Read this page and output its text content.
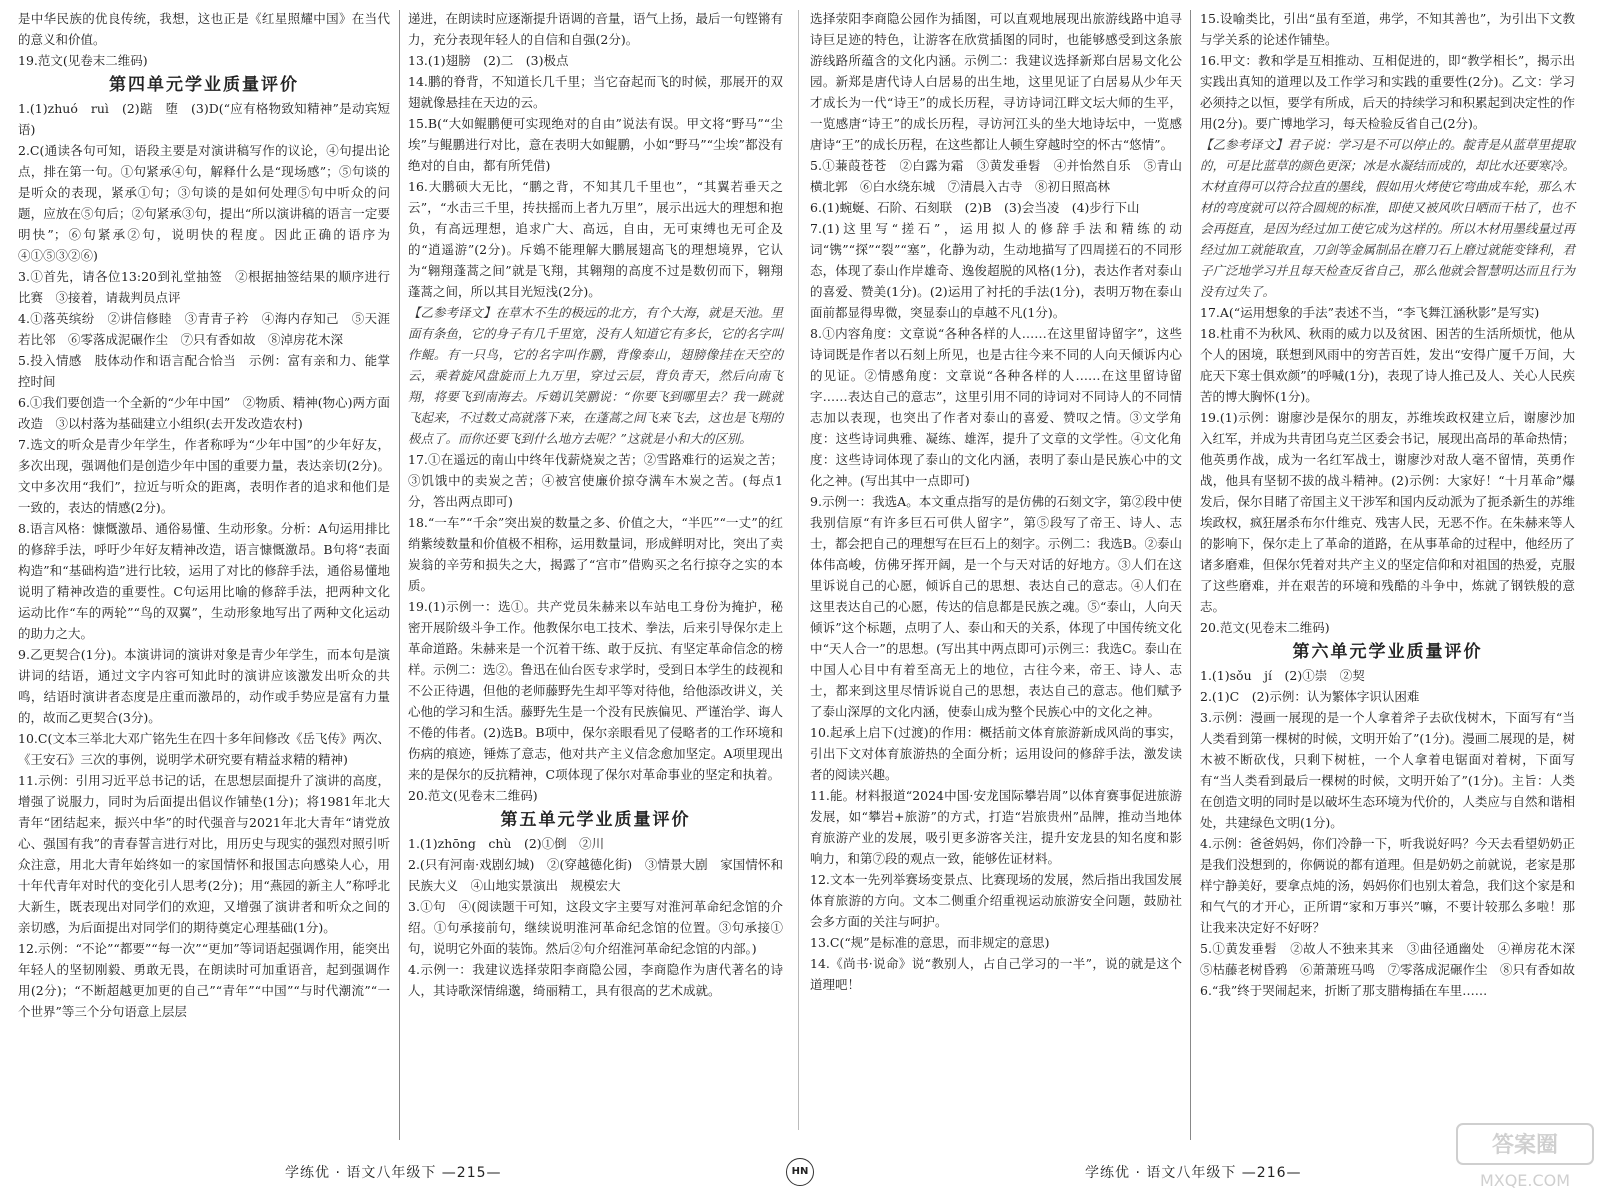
是中华民族的优良传统，我想，这也正是《红星照耀中国》在当代的意义和价值。

19.范文(见卷末二维码)

第四单元学业质量评价

1.(1)zhuó　ruì　(2)踮　堕　(3)D(“应有格物致知精神”是动宾短语)

2.C(通读各句可知，语段主要是对演讲稿写作的议论，④句提出论点，排在第一句。①句紧承④句，解释什么是“现场感”；⑤句谈的是听众的表现，紧承①句；③句谈的是如何处理⑤句中听众的问题，应放在⑤句后；②句紧承③句，提出“所以演讲稿的语言一定要明快”；⑥句紧承②句，说明快的程度。因此正确的语序为④①⑤③②⑥)

3.①首先，请各位13:20到礼堂抽签　②根据抽签结果的顺序进行比赛　③接着，请裁判员点评

4.①落英缤纷　②讲信修睦　③青青子衿　④海内存知己　⑤天涯若比邻　⑥零落成泥碾作尘　⑦只有香如故　⑧淖房花木深

5.投入情感　肢体动作和语言配合恰当　示例：富有亲和力、能掌控时间

6.①我们要创造一个全新的“少年中国”　②物质、精神(物心)两方面改造　③以村落为基础建立小组织(去开发改造农村)

7.选文的听众是青少年学生，作者称呼为“少年中国”的少年好友，多次出现，强调他们是创造少年中国的重要力量，表达亲切(2分)。文中多次用“我们”，拉近与听众的距离，表明作者的追求和他们是一致的，表达的情感(2分)。

8.语言风格：慷慨激昂、通俗易懂、生动形象。分析：A句运用排比的修辞手法，呼吁少年好友精神改造，语言慷慨激昂。B句将“表面构造”和“基础构造”进行比较，运用了对比的修辞手法，通俗易懂地说明了精神改造的重要性。C句运用比喻的修辞手法，把两种文化运动比作“车的两轮”“鸟的双翼”，生动形象地写出了两种文化运动的助力之大。

9.乙更契合(1分)。本演讲词的演讲对象是青少年学生，而本句是演讲词的结语，通过文字内容可知此时的演讲应该激发出听众的共鸣，结语时演讲者态度是庄重而激昂的，动作或手势应是富有力量的，故而乙更契合(3分)。

10.C(文本三举北大邓广铭先生在四十多年间修改《岳飞传》两次、《王安石》三次的事例，说明学术研究要有精益求精的精神)

11.示例：引用习近平总书记的话，在思想层面提升了演讲的高度，增强了说服力，同时为后面提出倡议作铺垫(1分)；将1981年北大青年“团结起来，振兴中华”的时代强音与2021年北大青年“请党放心、强国有我”的青春誓言进行对比，用历史与现实的强烈对照引听众注意，用北大青年始终如一的家国情怀和报国志向感染人心，用十年代青年对时代的变化引人思考(2分)；用“燕园的新主人”称呼北大新生，既表现出对同学们的欢迎，又增强了演讲者和听众之间的亲切感，为后面提出对同学们的期待奠定心理基础(1分)。

12.示例：“不论”“都要”“每一次”“更加”等词语起强调作用，能突出年轻人的坚韧刚毅、勇敢无畏，在朗读时可加重语音，起到强调作用(2分)；“不断超越更加更的自己”“青年”“中国”“与时代潮流”“一个世界”等三个分句语意上层层

递进，在朗读时应逐渐提升语调的音量，语气上扬，最后一句铿锵有力，充分表现年轻人的自信和自强(2分)。

13.(1)翅膀　(2)二　(3)极点

14.鹏的脊背，不知道长几千里；当它奋起而飞的时候，那展开的双翅就像悬挂在天边的云。

15.B(“大如鲲鹏便可实现绝对的自由”说法有误。甲文将“野马”“尘埃”与鲲鹏进行对比，意在表明大如鲲鹏，小如“野马”“尘埃”都没有绝对的自由，都有所凭借)

16.大鹏硕大无比，“鹏之背，不知其几千里也”，“其翼若垂天之云”，“水击三千里，抟扶摇而上者九万里”，展示出远大的理想和抱负，有高远理想，追求广大、高远，自由，无可束缚也无可企及的“逍遥游”(2分)。斥鴳不能理解大鹏展翅高飞的理想境界，它认为“翱翔蓬蒿之间”就是飞翔，其翱翔的高度不过是数仞而下，翱翔蓬蒿之间，所以其目光短浅(2分)。

【乙参考译文】在草木不生的极远的北方，有个大海，就是天池。里面有条鱼，它的身子有几千里宽，没有人知道它有多长，它的名字叫作鲲。有一只鸟，它的名字叫作鹏，背像泰山，翅膀像挂在天空的云，乘着旋风盘旋而上九万里，穿过云层，背负青天，然后向南飞翔，将要飞到南海去。斥鴳讥笑鹏说：“你要飞到哪里去？我一跳就飞起来，不过数丈高就落下来，在蓬蒿之间飞来飞去，这也是飞翔的极点了。而你还要飞到什么地方去呢？”这就是小和大的区别。

17.①在遥远的南山中终年伐薪烧炭之苦；②雪路难行的运炭之苦；③饥饿中的卖炭之苦；④被宫使廉价掠夺满车木炭之苦。(每点1分，答出两点即可)

18.“一车”“千余”突出炭的数量之多、价值之大，“半匹”“一丈”的红绡紫绫数量和价值极不相称，运用数量词，形成鲜明对比，突出了卖炭翁的辛劳和损失之大，揭露了“宫市”借购买之名行掠夺之实的本质。

19.(1)示例一：选①。共产党员朱赫来以车站电工身份为掩护，秘密开展阶级斗争工作。他教保尔电工技术、拳法，后来引导保尔走上革命道路。朱赫来是一个沉着干练、敢于反抗、有坚定革命信念的榜样。示例二：选②。鲁迅在仙台医专求学时，受到日本学生的歧视和不公正待遇，但他的老师藤野先生却平等对待他，给他添改讲义，关心他的学习和生活。藤野先生是一个没有民族偏见、严谨治学、诲人不倦的伟者。(2)选B。B项中，保尔亲眼看见了侵略者的工作环境和伤病的痕迹，锤炼了意志，他对共产主义信念愈加坚定。A项里现出来的是保尔的反抗精神，C项体现了保尔对革命事业的坚定和执着。

20.范文(见卷末二维码)

第五单元学业质量评价

1.(1)zhōng　chù　(2)①倒　②川

2.(只有河南·戏剧幻城)　②(穿越德化街)　③情景大剧　家国情怀和民族大义　④山地实景演出　规模宏大

3.①句　④(阅读题干可知，这段文字主要写对淮河革命纪念馆的介绍。①句承接前句，继续说明淮河革命纪念馆的位置。③句承接①句，说明它外面的装饰。然后②句介绍淮河革命纪念馆的内部。)

4.示例一：我建议选择荥阳李商隐公园，李商隐作为唐代著名的诗人，其诗歌深情绵邈，绮丽精工，具有很高的艺术成就。

选择荥阳李商隐公园作为插图，可以直观地展现出旅游线路中追寻诗巨足迹的特色，让游客在欣赏插图的同时，也能够感受到这条旅游线路所蕴含的文化内涵。示例二：我建议选择新郑白居易文化公园。新郑是唐代诗人白居易的出生地，这里见证了白居易从少年天才成长为一代“诗王”的成长历程，寻访诗词江畔文坛大师的生平，一览感唐“诗王”的成长历程，寻访河江头的坐大地诗坛中，一览感唐诗“王”的成长历程，在这些都让人顿生穿越时空的怀古“悠情”。

5.①蒹葭苍苍　②白露为霜　③黄发垂髫　④并怡然自乐　⑤青山横北郭　⑥白水绕东城　⑦清晨入古寺　⑧初日照高林

6.(1)蜿蜒、石阶、石刻联　(2)B　(3)会当凌　(4)步行下山

7.(1)这里写“搓石”，运用拟人的修辞手法和精练的动词“镌”“探”“裂”“塞”，化静为动，生动地描写了四周搓石的不同形态，体现了泰山作岸雄奇、逸俊超脱的风格(1分)，表达作者对泰山的喜爱、赞美(1分)。(2)运用了衬托的手法(1分)，表明万物在泰山面前都显得卑微，突显泰山的卓越不凡(1分)。

8.①内容角度：文章说“各种各样的人……在这里留诗留字”，这些诗词既是作者以石刻上所见，也是古往今来不同的人向天倾诉内心的见证。②情感角度：文章说“各种各样的人……在这里留诗留字……表达自己的意志”，这里引用不同的诗词对不同诗人的不同情志加以表现，也突出了作者对泰山的喜爱、赞叹之情。③文学角度：这些诗词典雅、凝练、雄浑，提升了文章的文学性。④文化角度：这些诗词体现了泰山的文化内涵，表明了泰山是民族心中的文化之神。(写出其中一点即可)

9.示例一：我选A。本文重点指写的是仿佛的石刻文字，第②段中使我别信原“有许多巨石可供人留字”，第⑤段写了帝王、诗人、志士，都会把自己的理想写在巨石上的刻字。示例二：我选B。②泰山体伟高峻，仿佛牙挥开阔，是一个与天对话的好地方。③人们在这里诉说自己的心愿，倾诉自己的思想、表达自己的意志。④人们在这里表达自己的心愿，传达的信息都是民族之魂。⑤“泰山，人向天倾诉”这个标题，点明了人、泰山和天的关系，体现了中国传统文化中“天人合一”的思想。(写出其中两点即可)示例三：我选C。泰山在中国人心目中有着至高无上的地位，古往今来，帝王、诗人、志士，都来到这里尽情诉说自己的思想，表达自己的意志。他们赋予了泰山深厚的文化内涵，使泰山成为整个民族心中的文化之神。

10.起承上启下(过渡)的作用：概括前文体育旅游新成风尚的事实，引出下文对体育旅游热的全面分析；运用设问的修辞手法，激发读者的阅读兴趣。

11.能。材料报道“2024中国·安龙国际攀岩周”以体育赛事促进旅游发展，如“攀岩+旅游”的方式，打造“岩旅贵州”品牌，推动当地体育旅游产业的发展，吸引更多游客关注，提升安龙县的知名度和影响力，和第⑦段的观点一致，能够佐证材料。

12.文本一先列举赛场变景点、比赛现场的发展，然后指出我国发展体育旅游的方向。文本二侧重介绍重视运动旅游安全问题，鼓励社会多方面的关注与呵护。

13.C(“规”是标准的意思，而非规定的意思)

14.《尚书·说命》说“教别人，占自己学习的一半”，说的就是这个道理吧！

15.设喻类比，引出“虽有至道，弗学，不知其善也”，为引出下文教与学关系的论述作铺垫。

16.甲文：教和学是互相推动、互相促进的，即“教学相长”，揭示出实践出真知的道理以及工作学习和实践的重要性(2分)。乙文：学习必须持之以恒，要学有所成，后天的持续学习和积累起到决定性的作用(2分)。要广博地学习，每天检验反省自己(2分)。

【乙参考译文】君子说：学习是不可以停止的。靛青是从蓝草里提取的，可是比蓝草的颜色更深；冰是水凝结而成的，却比水还要寒冷。木材直得可以符合拉直的墨线，假如用火烤使它弯曲成车轮，那么木材的弯度就可以符合圆规的标准，即使又被风吹日晒而干枯了，也不会再挺直，是因为经过加工使它成为这样的。所以木材用墨线量过再经过加工就能取直，刀剑等金属制品在磨刀石上磨过就能变锋利，君子广泛地学习并且每天检查反省自己，那么他就会智慧明达而且行为没有过失了。

17.A(“运用想象的手法”表述不当，“李飞舞江涵秋影”是写实)

18.杜甫不为秋风、秋雨的威力以及贫困、困苦的生活所烦忧，他从个人的困境，联想到风雨中的穷苦百姓，发出“安得广厦千万间，大庇天下寒士俱欢颜”的呼喊(1分)，表现了诗人推己及人、关心人民疾苦的博大胸怀(1分)。

19.(1)示例：谢廖沙是保尔的朋友，苏维埃政权建立后，谢廖沙加入红军，并成为共青团乌克兰区委会书记，展现出高昂的革命热情；他英勇作战，成为一名红军战士，谢廖沙对敌人毫不留情，英勇作战，他具有坚韧不拔的战斗精神。(2)示例：大家好！“十月革命”爆发后，保尔目睹了帝国主义干涉军和国内反动派为了扼杀新生的苏维埃政权，疯狂屠杀布尔什维克、残害人民，无恶不作。在朱赫来等人的影响下，保尔走上了革命的道路，在从事革命的过程中，他经历了诸多磨难，但保尔凭着对共产主义的坚定信仰和对祖国的热爱，克服了这些磨难，并在艰苦的环境和残酷的斗争中，炼就了钢铁般的意志。

20.范文(见卷末二维码)

第六单元学业质量评价

1.(1)sǒu　jí　(2)①崇　②契

2.(1)C　(2)示例：认为繁体字识认困难

3.示例：漫画一展现的是一个人拿着斧子去砍伐树木，下面写有“当人类看到第一棵树的时候，文明开始了”(1分)。漫画二展现的是，树木被不断砍伐，只剩下树桩，一个人拿着电锯面对着树，下面写有“当人类看到最后一棵树的时候，文明开始了”(1分)。主旨：人类在创造文明的同时是以破坏生态环境为代价的，人类应与自然和谐相处，共建绿色文明(1分)。

4.示例：爸爸妈妈，你们冷静一下，听我说好吗？今天去看望奶奶正是我们没想到的，你俩说的都有道理。但是奶奶之前就说，老家是那样宁静美好，要拿点炖的汤，妈妈你们也别太着急，我们这个家是和和气气的才开心，正所谓“家和万事兴”嘛，不要计较那么多啦！那让我来决定好不好呀？

5.①黄发垂髫　②故人不独来其来　③曲径通幽处　④禅房花木深　⑤枯藤老树昏鸦　⑥萧萧班马鸣　⑦零落成泥碾作尘　⑧只有香如故

6.“我”终于哭闹起来，折断了那支腊梅插在车里……

学练优 · 语文八年级下 —215—	HN	学练优 · 语文八年级下 —216—
答案圈
MXQE.COM
